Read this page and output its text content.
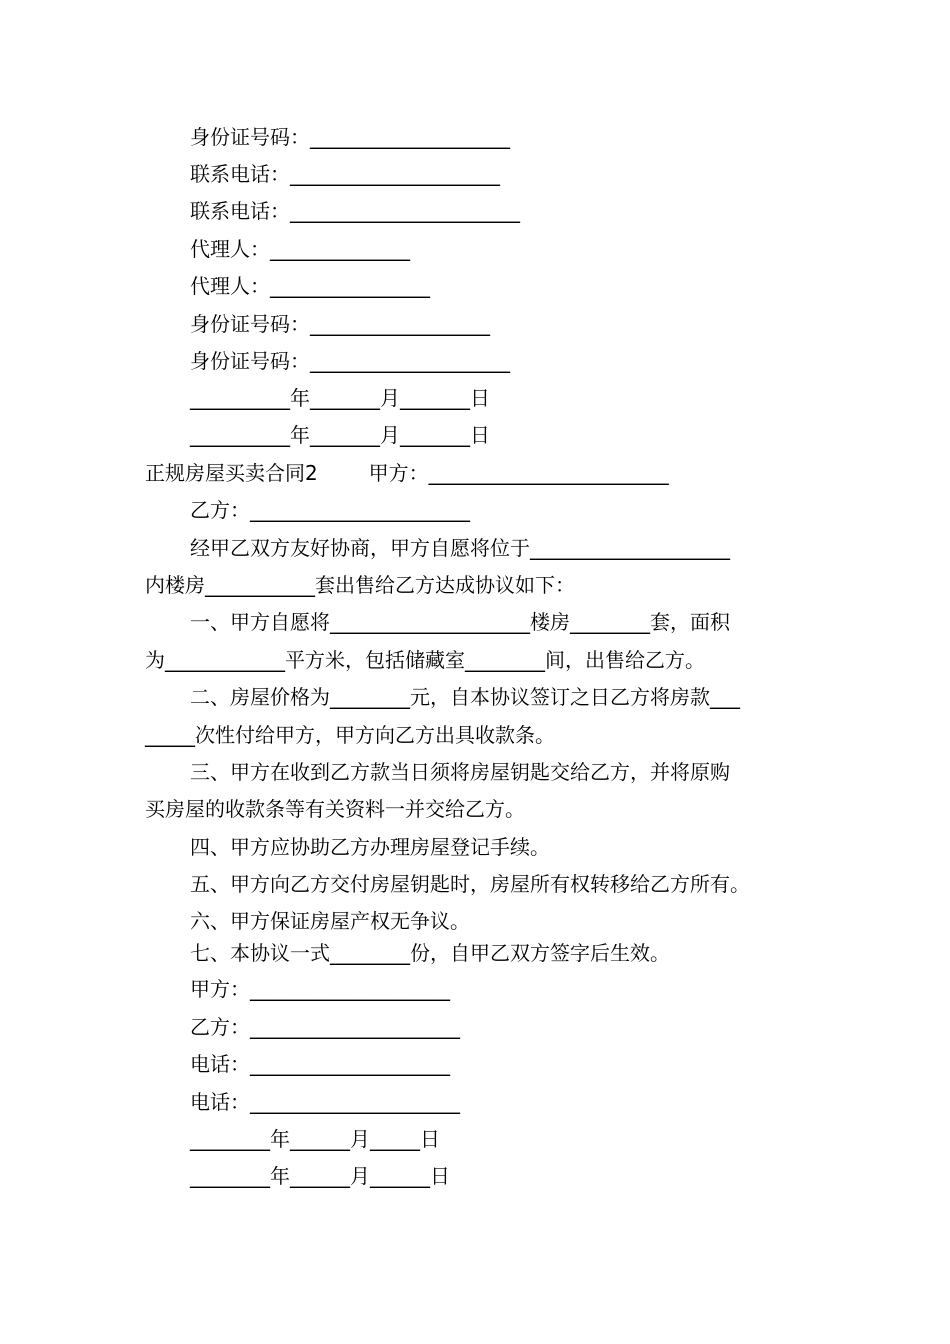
身份证号码：____________________
联系电话：_____________________
联系电话：_______________________
代理人：______________
代理人：________________
身份证号码：__________________
身份证号码：____________________
__________年_______月_______日
__________年_______月_______日
正规房屋买卖合同2        甲方：________________________
乙方：______________________
经甲乙双方友好协商，甲方自愿将位于____________________
内楼房___________套出售给乙方达成协议如下：
一、甲方自愿将____________________楼房________套，面积
为____________平方米，包括储藏室________间，出售给乙方。
二、房屋价格为________元，自本协议签订之日乙方将房款___
_____次性付给甲方，甲方向乙方出具收款条。
三、甲方在收到乙方款当日须将房屋钥匙交给乙方，并将原购
买房屋的收款条等有关资料一并交给乙方。
四、甲方应协助乙方办理房屋登记手续。
五、甲方向乙方交付房屋钥匙时，房屋所有权转移给乙方所有。
六、甲方保证房屋产权无争议。
七、本协议一式________份，自甲乙双方签字后生效。
甲方：____________________
乙方：_____________________
电话：____________________
电话：_____________________
________年______月_____日
________年______月______日
